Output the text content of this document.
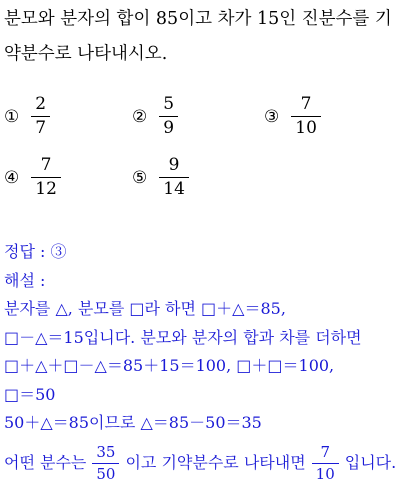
분모와 분자의 합이 85이고 차가 15인 진분수를 기
약분수로 나타내시오.
① $\frac{2}{7}$	② $\frac{5}{9}$	③ $\frac{7}{10}$
④ $\frac{7}{12}$	⑤ $\frac{9}{14}$
정답 : ③
해설 :
분자를 △, 분모를 □라 하면 □＋△＝85,
□－△＝15입니다. 분모와 분자의 합과 차를 더하면
□＋△＋□－△＝85＋15＝100, □＋□＝100,
□＝50
50＋△＝85이므로 △＝85－50＝35
어떤 분수는 $\frac{35}{50}$ 이고 기약분수로 나타내면 $\frac{7}{10}$ 입니다.
